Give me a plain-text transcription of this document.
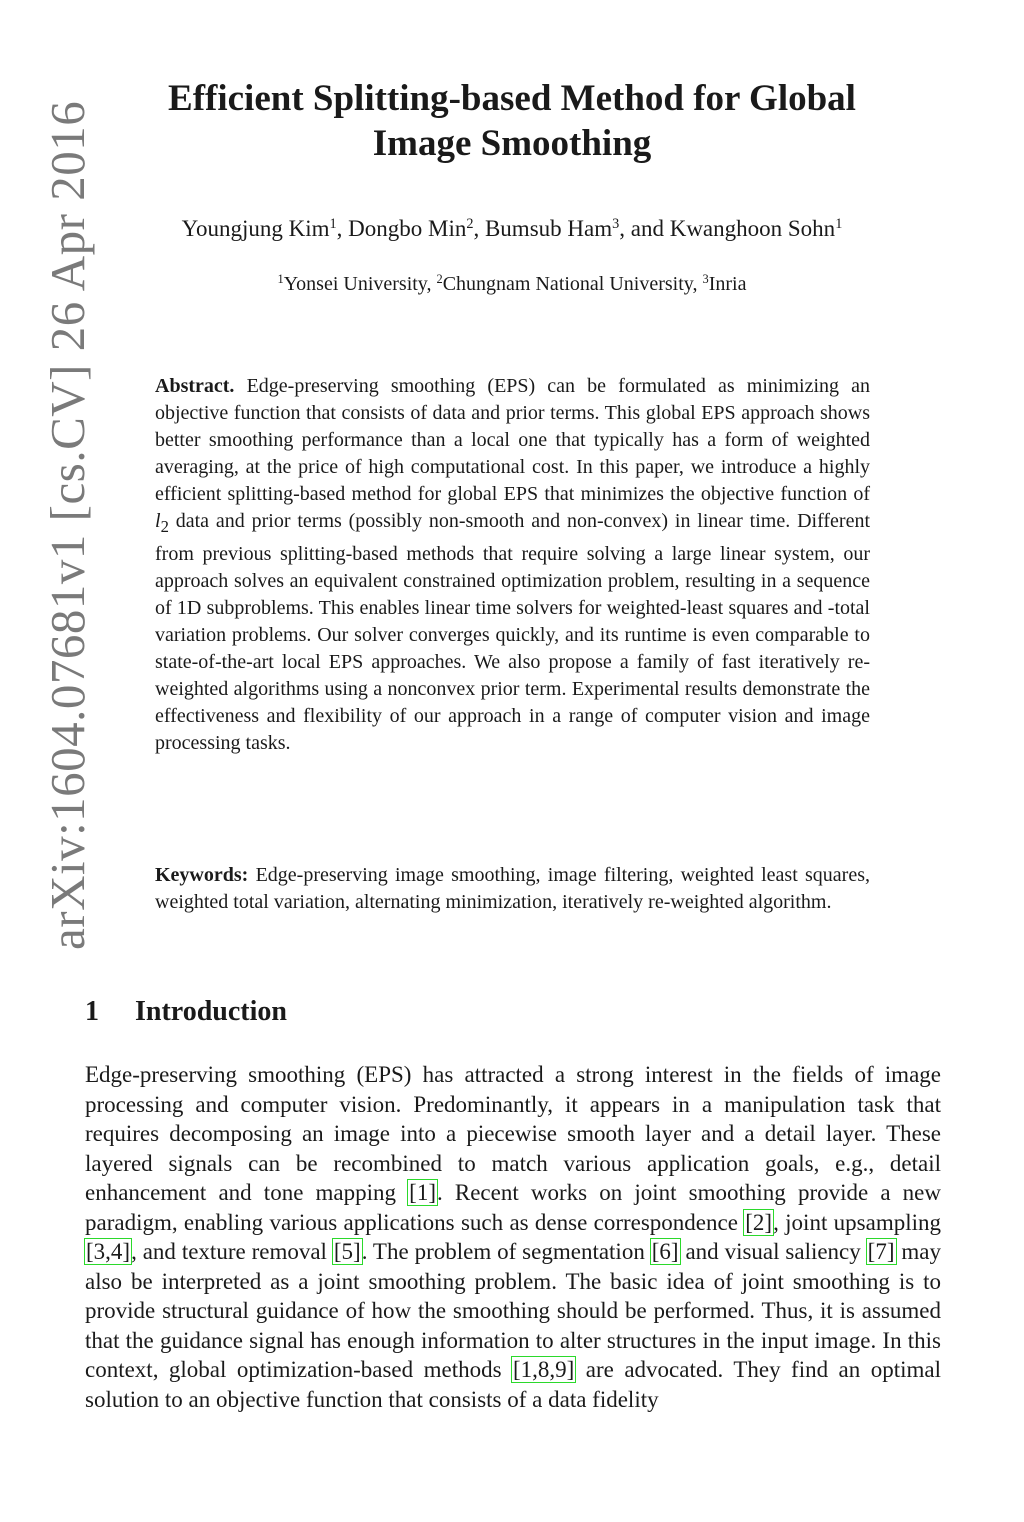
arXiv:1604.07681v1 [cs.CV] 26 Apr 2016
Efficient Splitting-based Method for Global
Image Smoothing
Youngjung Kim$^1$, Dongbo Min$^2$, Bumsub Ham$^3$, and Kwanghoon Sohn$^1$
$^1$Yonsei University, $^2$Chungnam National University, $^3$Inria
Abstract. Edge-preserving smoothing (EPS) can be formulated as minimizing an objective function that consists of data and prior terms. This global EPS approach shows better smoothing performance than a local one that typically has a form of weighted averaging, at the price of high computational cost. In this paper, we introduce a highly efficient splitting-based method for global EPS that minimizes the objective function of $l_2$ data and prior terms (possibly non-smooth and non-convex) in linear time. Different from previous splitting-based methods that require solving a large linear system, our approach solves an equivalent constrained optimization problem, resulting in a sequence of 1D subproblems. This enables linear time solvers for weighted-least squares and -total variation problems. Our solver converges quickly, and its runtime is even comparable to state-of-the-art local EPS approaches. We also propose a family of fast iteratively re-weighted algorithms using a nonconvex prior term. Experimental results demonstrate the effectiveness and flexibility of our approach in a range of computer vision and image processing tasks.
Keywords: Edge-preserving image smoothing, image filtering, weighted least squares, weighted total variation, alternating minimization, iteratively re-weighted algorithm.
1 Introduction
Edge-preserving smoothing (EPS) has attracted a strong interest in the fields of image processing and computer vision. Predominantly, it appears in a manipulation task that requires decomposing an image into a piecewise smooth layer and a detail layer. These layered signals can be recombined to match various application goals, e.g., detail enhancement and tone mapping [1]. Recent works on joint smoothing provide a new paradigm, enabling various applications such as dense correspondence [2], joint upsampling [3,4], and texture removal [5]. The problem of segmentation [6] and visual saliency [7] may also be interpreted as a joint smoothing problem. The basic idea of joint smoothing is to provide structural guidance of how the smoothing should be performed. Thus, it is assumed that the guidance signal has enough information to alter structures in the input image. In this context, global optimization-based methods [1,8,9] are advocated. They find an optimal solution to an objective function that consists of a data fidelity
